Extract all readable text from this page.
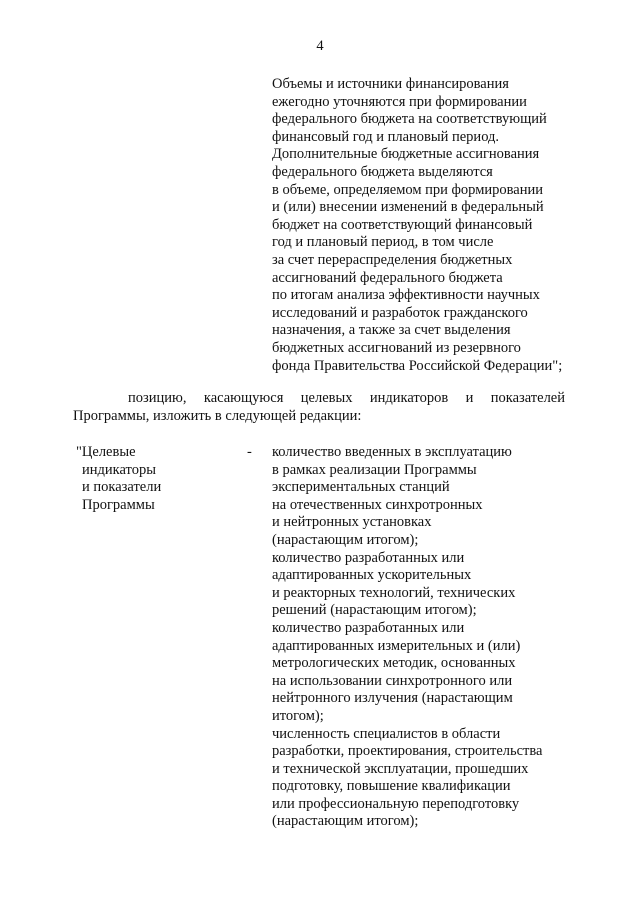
4
Объемы и источники финансирования
ежегодно уточняются при формировании
федерального бюджета на соответствующий
финансовый год и плановый период.
Дополнительные бюджетные ассигнования
федерального бюджета выделяются
в объеме, определяемом при формировании
и (или) внесении изменений в федеральный
бюджет на соответствующий финансовый
год и плановый период, в том числе
за счет перераспределения бюджетных
ассигнований федерального бюджета
по итогам анализа эффективности научных
исследований и разработок гражданского
назначения, а также за счет выделения
бюджетных ассигнований из резервного
фонда Правительства Российской Федерации";
позицию, касающуюся целевых индикаторов и показателей
Программы, изложить в следующей редакции:
"Целевые
индикаторы
и показатели
Программы
- количество введенных в эксплуатацию
в рамках реализации Программы
экспериментальных станций
на отечественных синхротронных
и нейтронных установках
(нарастающим итогом);
количество разработанных или
адаптированных ускорительных
и реакторных технологий, технических
решений (нарастающим итогом);
количество разработанных или
адаптированных измерительных и (или)
метрологических методик, основанных
на использовании синхротронного или
нейтронного излучения (нарастающим
итогом);
численность специалистов в области
разработки, проектирования, строительства
и технической эксплуатации, прошедших
подготовку, повышение квалификации
или профессиональную переподготовку
(нарастающим итогом);
